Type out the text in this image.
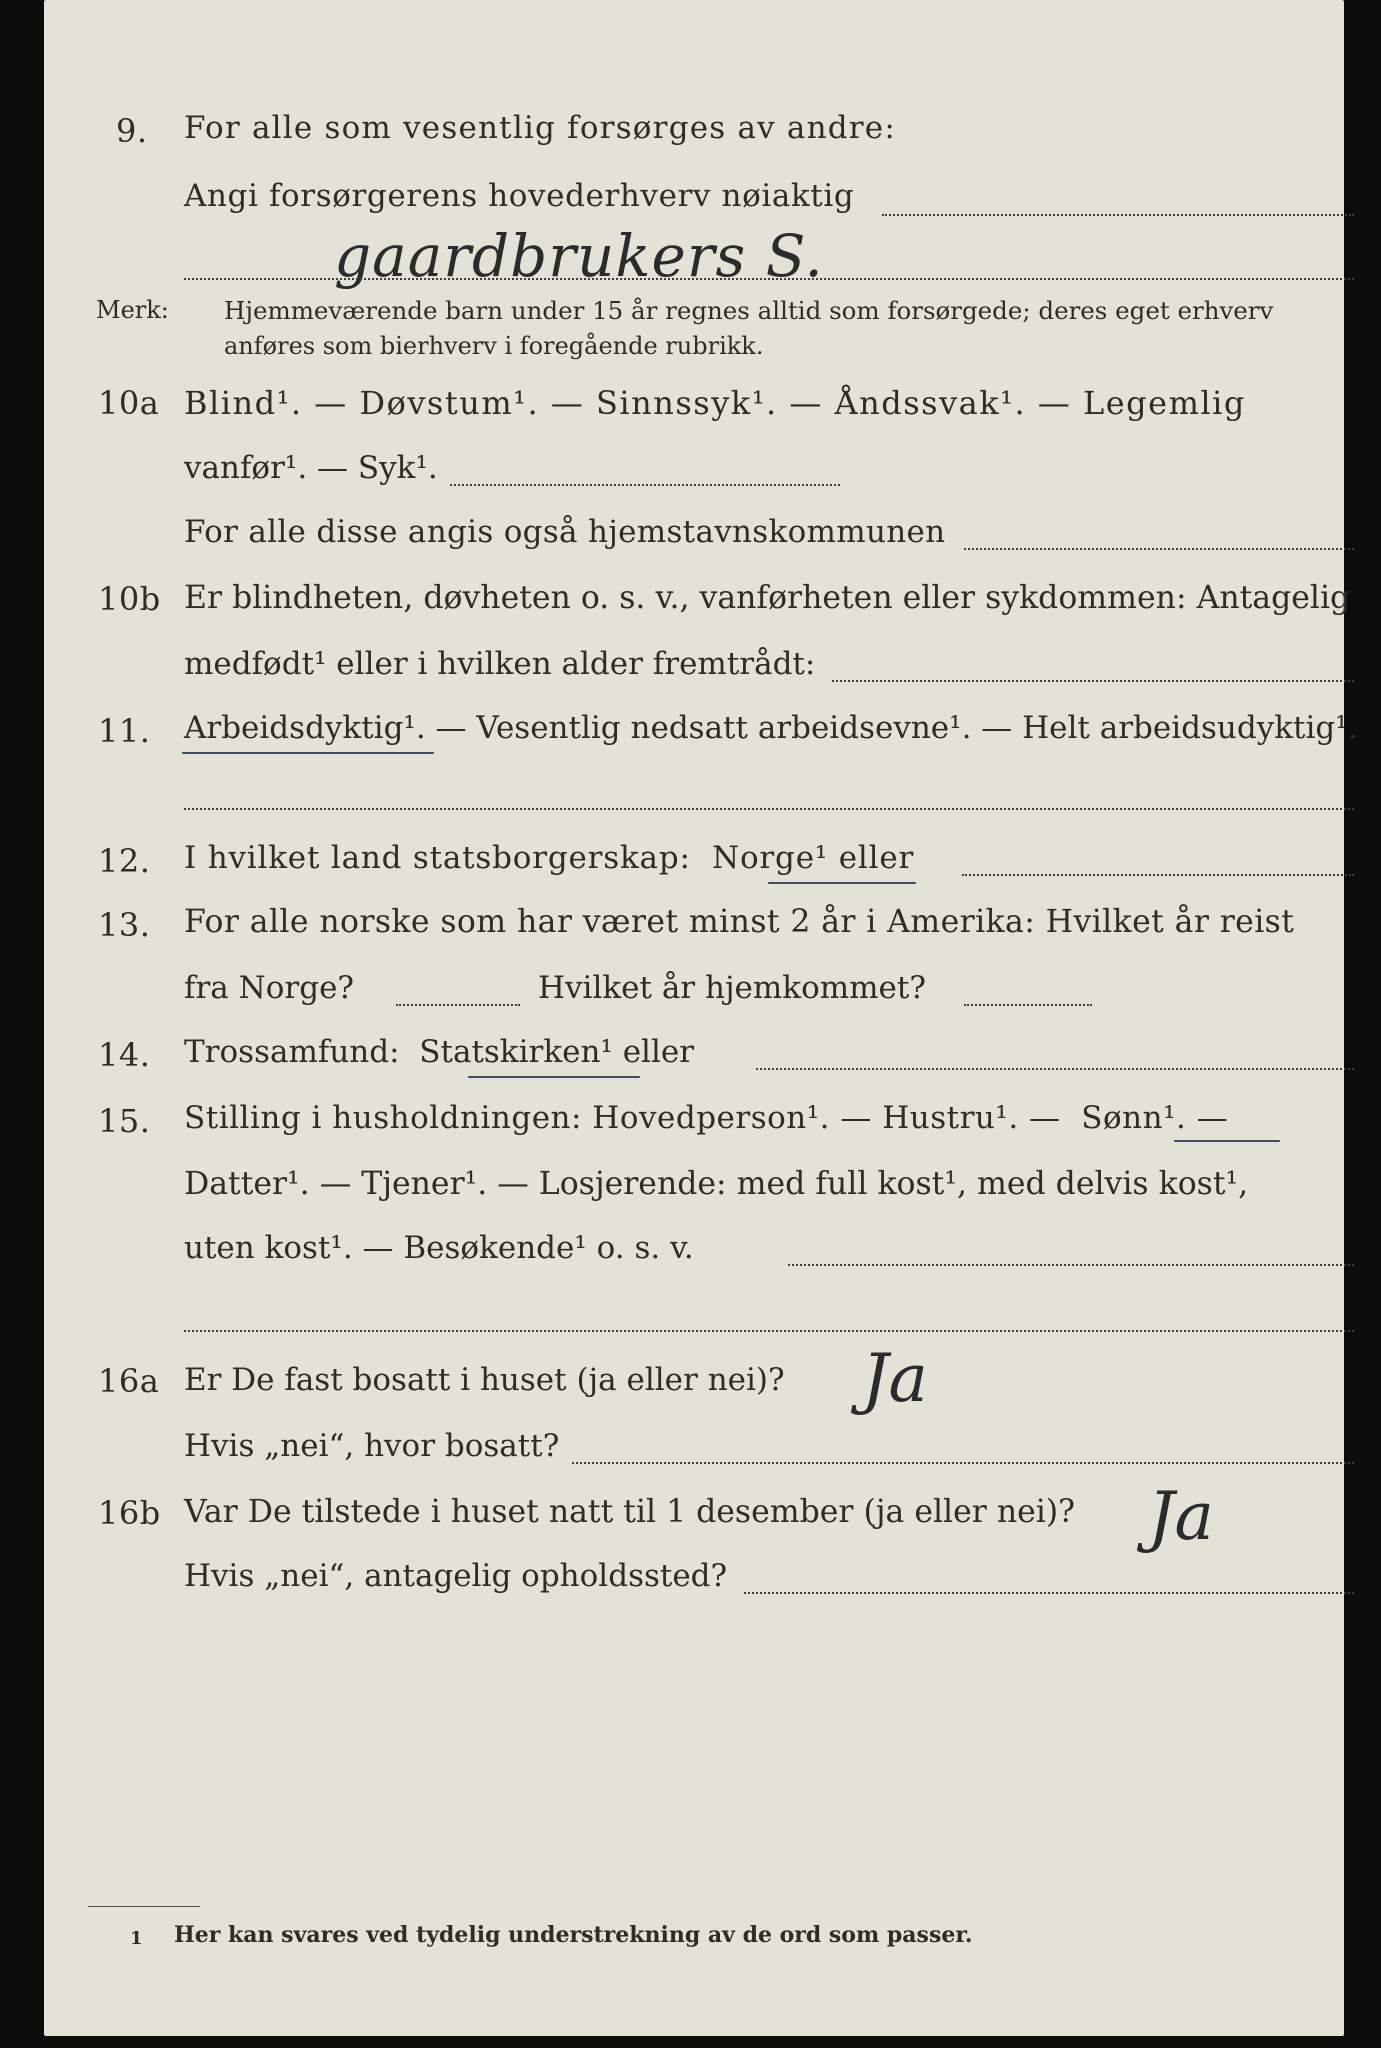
9. For alle som vesentlig forsørges av andre:
Angi forsørgerens hovederhverv nøiaktig
gaardbrukers S.
Merk: Hjemmeværende barn under 15 år regnes alltid som forsørgede; deres eget erhverv
anføres som bierhverv i foregående rubrikk.
10a Blind¹. — Døvstum¹. — Sinnssyk¹. — Åndssvak¹. — Legemlig
vanfør¹. — Syk¹.
For alle disse angis også hjemstavnskommunen
10b Er blindheten, døvheten o. s. v., vanførheten eller sykdommen: Antagelig
medfødt¹ eller i hvilken alder fremtrådt:
11. Arbeidsdyktig¹. — Vesentlig nedsatt arbeidsevne¹. — Helt arbeidsudyktig¹.
12. I hvilket land statsborgerskap: Norge¹ eller
13. For alle norske som har været minst 2 år i Amerika: Hvilket år reist
fra Norge?	Hvilket år hjemkommet?
14. Trossamfund: Statskirken¹ eller
15. Stilling i husholdningen: Hovedperson¹. — Hustru¹. — Sønn¹. —
Datter¹. — Tjener¹. — Losjerende: med full kost¹, med delvis kost¹,
uten kost¹. — Besøkende¹ o. s. v.
16a Er De fast bosatt i huset (ja eller nei)? Ja
Hvis „nei“, hvor bosatt?
16b Var De tilstede i huset natt til 1 desember (ja eller nei)? Ja
Hvis „nei“, antagelig opholdssted?
1 Her kan svares ved tydelig understrekning av de ord som passer.
